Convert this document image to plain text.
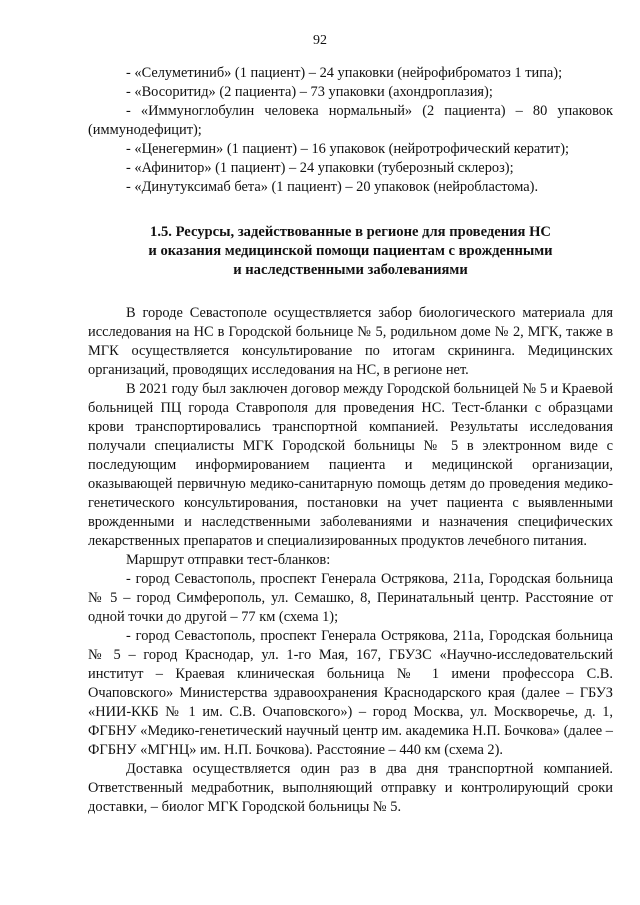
92

- «Селуметиниб» (1 пациент) – 24 упаковки (нейрофиброматоз 1 типа);

- «Восоритид» (2 пациента) – 73 упаковки (ахондроплазия);

- «Иммуноглобулин человека нормальный» (2 пациента) – 80 упаковок (иммунодефицит);

- «Ценегермин» (1 пациент) – 16 упаковок (нейротрофический кератит);

- «Афинитор» (1 пациент) – 24 упаковки (туберозный склероз);

- «Динутуксимаб бета» (1 пациент) – 20 упаковок (нейробластома).

1.5. Ресурсы, задействованные в регионе для проведения НС
и оказания медицинской помощи пациентам с врожденными
и наследственными заболеваниями

В городе Севастополе осуществляется забор биологического материала для исследования на НС в Городской больнице № 5, родильном доме № 2, МГК, также в МГК осуществляется консультирование по итогам скрининга. Медицинских организаций, проводящих исследования на НС, в регионе нет.

В 2021 году был заключен договор между Городской больницей № 5 и Краевой больницей ПЦ города Ставрополя для проведения НС. Тест-бланки с образцами крови транспортировались транспортной компанией. Результаты исследования получали специалисты МГК Городской больницы № 5 в электронном виде с последующим информированием пациента и медицинской организации, оказывающей первичную медико-санитарную помощь детям до проведения медико-генетического консультирования, постановки на учет пациента с выявленными врожденными и наследственными заболеваниями и назначения специфических лекарственных препаратов и специализированных продуктов лечебного питания.

Маршрут отправки тест-бланков:

- город Севастополь, проспект Генерала Острякова, 211а, Городская больница № 5 – город Симферополь, ул. Семашко, 8, Перинатальный центр. Расстояние от одной точки до другой – 77 км (схема 1);

- город Севастополь, проспект Генерала Острякова, 211а, Городская больница № 5 – город Краснодар, ул. 1-го Мая, 167, ГБУЗС «Научно-исследовательский институт – Краевая клиническая больница № 1 имени профессора С.В. Очаповского» Министерства здравоохранения Краснодарского края (далее – ГБУЗ «НИИ-ККБ № 1 им. С.В. Очаповского») – город Москва, ул. Москворечье, д. 1, ФГБНУ «Медико-генетический научный центр им. академика Н.П. Бочкова» (далее – ФГБНУ «МГНЦ» им. Н.П. Бочкова). Расстояние – 440 км (схема 2).

Доставка осуществляется один раз в два дня транспортной компанией. Ответственный медработник, выполняющий отправку и контролирующий сроки доставки, – биолог МГК Городской больницы № 5.
